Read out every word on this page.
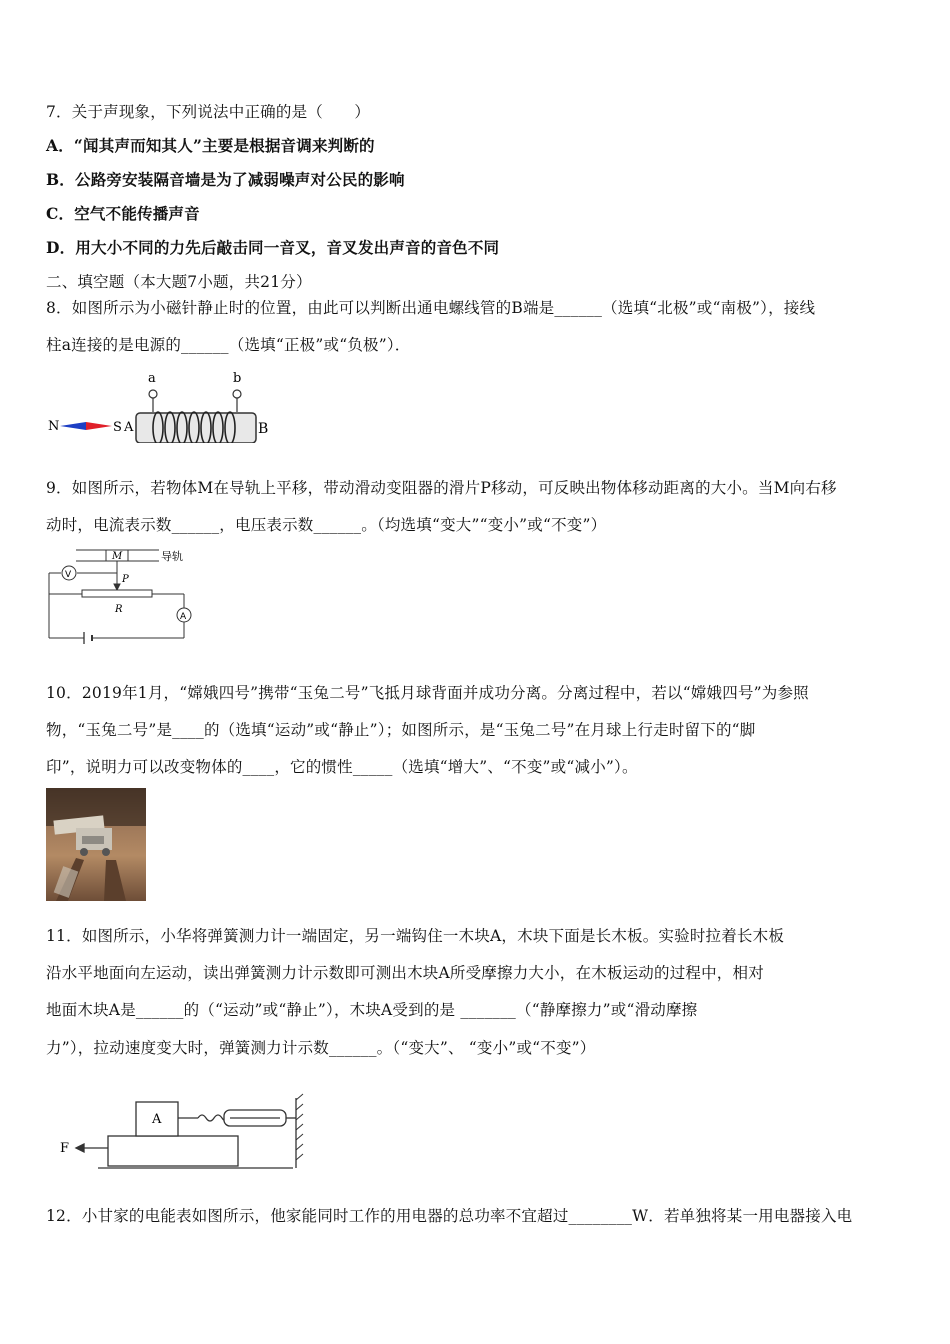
7．关于声现象，下列说法中正确的是（　　）
A．“闻其声而知其人”主要是根据音调来判断的
B．公路旁安装隔音墙是为了减弱噪声对公民的影响
C．空气不能传播声音
D．用大小不同的力先后敲击同一音叉，音叉发出声音的音色不同
二、填空题（本大题7小题，共21分）
8．如图所示为小磁针静止时的位置，由此可以判断出通电螺线管的B端是______（选填“北极”或“南极”），接线
柱a连接的是电源的______（选填“正极”或“负极”）．
N	S A
a	b
B
9．如图所示，若物体M在导轨上平移，带动滑动变阻器的滑片P移动，可反映出物体移动距离的大小。当M向右移
动时，电流表示数______，电压表示数______。（均选填“变大”“变小”或“不变”）
M	导轨
V	P
R
A
10．2019年1月，“嫦娥四号”携带“玉兔二号”飞抵月球背面并成功分离。分离过程中，若以“嫦娥四号”为参照
物，“玉兔二号”是____的（选填“运动”或“静止”）；如图所示，是“玉兔二号”在月球上行走时留下的“脚
印”，说明力可以改变物体的____，它的惯性_____（选填“增大”、“不变”或“减小”）。
11．如图所示，小华将弹簧测力计一端固定，另一端钩住一木块A，木块下面是长木板。实验时拉着长木板
沿水平地面向左运动，读出弹簧测力计示数即可测出木块A所受摩擦力大小，在木板运动的过程中，相对
地面木块A是______的（“运动”或“静止”），木块A受到的是 _______（“静摩擦力”或“滑动摩擦
力”），拉动速度变大时，弹簧测力计示数______。（“变大”、 “变小”或“不变”）
A
F
12．小甘家的电能表如图所示，他家能同时工作的用电器的总功率不宜超过________W．若单独将某一用电器接入电
